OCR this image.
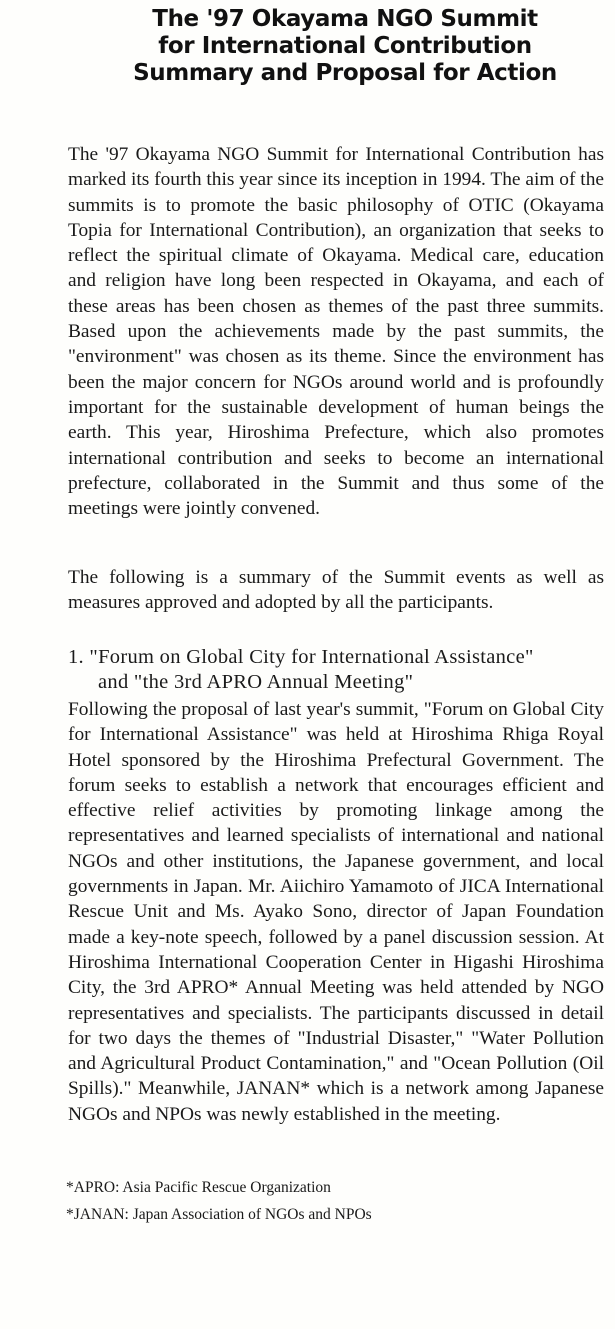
The '97 Okayama NGO Summit
for International Contribution
Summary and Proposal for Action
The '97 Okayama NGO Summit for International Contribution has marked its fourth this year since its inception in 1994. The aim of the summits is to promote the basic philosophy of OTIC (Okayama Topia for International Contribution), an organization that seeks to reflect the spiritual climate of Okayama. Medical care, education and religion have long been respected in Okayama, and each of these areas has been chosen as themes of the past three summits. Based upon the achievements made by the past summits, the "environment" was chosen as its theme. Since the environment has been the major concern for NGOs around world and is profoundly important for the sustainable development of human beings the earth. This year, Hiroshima Prefecture, which also promotes international contribution and seeks to become an international prefecture, collaborated in the Summit and thus some of the meetings were jointly convened.
The following is a summary of the Summit events as well as measures approved and adopted by all the participants.
1. "Forum on Global City for International Assistance"
and "the 3rd APRO Annual Meeting"
Following the proposal of last year's summit, "Forum on Global City for International Assistance" was held at Hiroshima Rhiga Royal Hotel sponsored by the Hiroshima Prefectural Government. The forum seeks to establish a network that encourages efficient and effective relief activities by promoting linkage among the representatives and learned specialists of international and national NGOs and other institutions, the Japanese government, and local governments in Japan. Mr. Aiichiro Yamamoto of JICA International Rescue Unit and Ms. Ayako Sono, director of Japan Foundation made a key-note speech, followed by a panel discussion session. At Hiroshima International Cooperation Center in Higashi Hiroshima City, the 3rd APRO* Annual Meeting was held attended by NGO representatives and specialists. The participants discussed in detail for two days the themes of "Industrial Disaster," "Water Pollution and Agricultural Product Contamination," and "Ocean Pollution (Oil Spills)." Meanwhile, JANAN* which is a network among Japanese NGOs and NPOs was newly established in the meeting.
*APRO: Asia Pacific Rescue Organization
*JANAN: Japan Association of NGOs and NPOs
